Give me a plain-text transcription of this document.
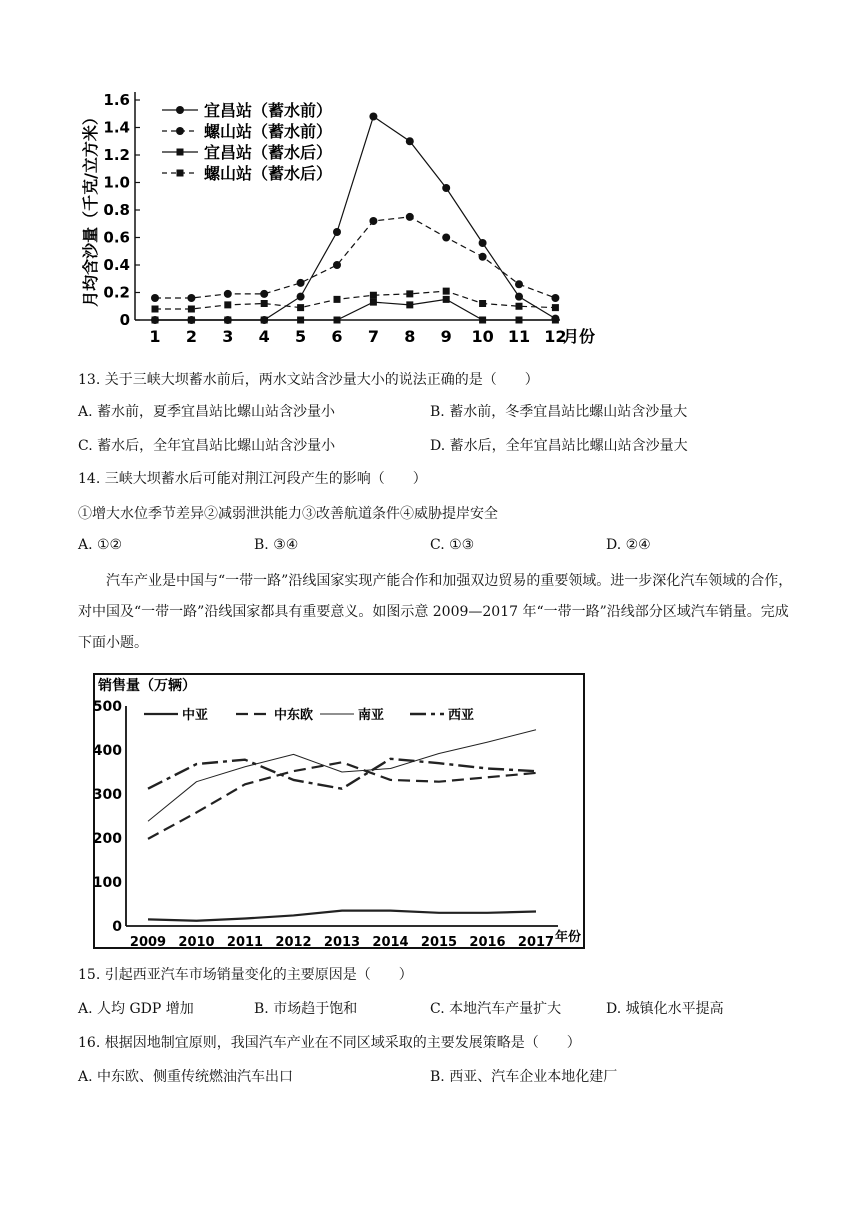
0
0.2
0.4
0.6
0.8
1.0
1.2
1.4
1.6
1 2 3 4 5 6 7 8 9 10 11 12
宜昌站（蓄水前）
螺山站（蓄水前）
宜昌站（蓄水后）
螺山站（蓄水后）
月份
月均含沙量（千克/立方米）
13. 关于三峡大坝蓄水前后，两水文站含沙量大小的说法正确的是（　　）
A. 蓄水前，夏季宜昌站比螺山站含沙量小	B. 蓄水前，冬季宜昌站比螺山站含沙量大
C. 蓄水后，全年宜昌站比螺山站含沙量小	D. 蓄水后，全年宜昌站比螺山站含沙量大
14. 三峡大坝蓄水后可能对荆江河段产生的影响（　　）
①增大水位季节差异②减弱泄洪能力③改善航道条件④威胁提岸安全
A. ①②	B. ③④	C. ①③	D. ②④
汽车产业是中国与“一带一路”沿线国家实现产能合作和加强双边贸易的重要领域。进一步深化汽车领域的合作，对中国及“一带一路”沿线国家都具有重要意义。如图示意 2009—2017 年“一带一路”沿线部分区域汽车销量。完成下面小题。
0
100
200
300
400
500
2009 2010 2011 2012 2013 2014 2015 2016 2017
中亚	中东欧	南亚	西亚
销售量（万辆）
年份
15. 引起西亚汽车市场销量变化的主要原因是（　　）
A. 人均 GDP 增加	B. 市场趋于饱和	C. 本地汽车产量扩大	D. 城镇化水平提高
16. 根据因地制宜原则，我国汽车产业在不同区域采取的主要发展策略是（　　）
A. 中东欧、侧重传统燃油汽车出口	B. 西亚、汽车企业本地化建厂
